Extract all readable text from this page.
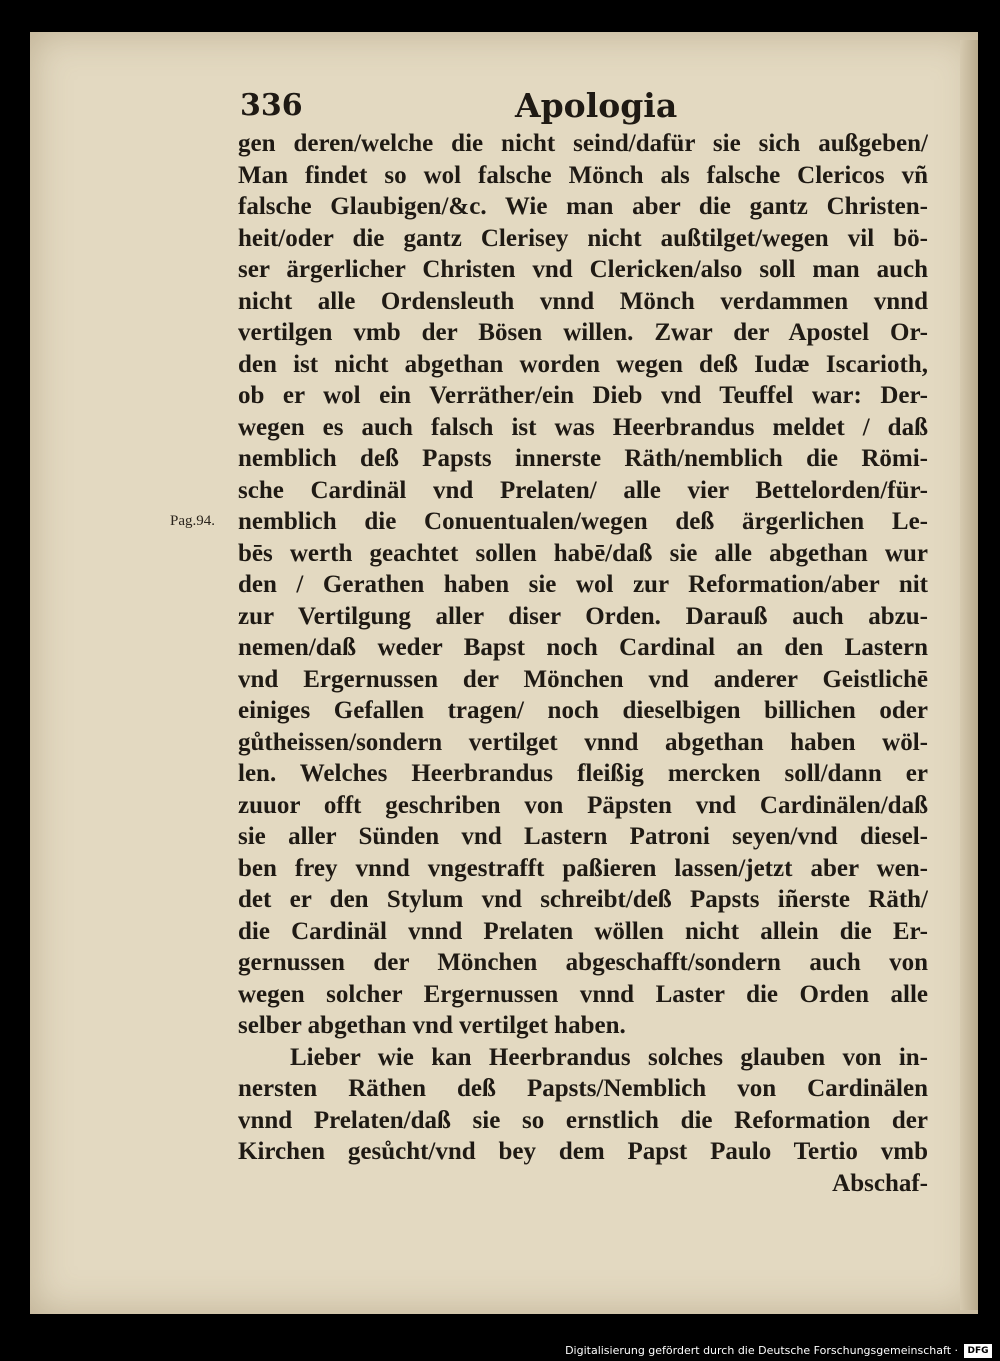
336	Apologia
Pag.94.
gen deren/welche die nicht seind/dafür sie sich außgeben/
Man findet so wol falsche Mönch als falsche Clericos vñ
falsche Glaubigen/&c. Wie man aber die gantz Christen-
heit/oder die gantz Clerisey nicht außtilget/wegen vil bö-
ser ärgerlicher Christen vnd Clericken/also soll man auch
nicht alle Ordensleuth vnnd Mönch verdammen vnnd
vertilgen vmb der Bösen willen. Zwar der Apostel Or-
den ist nicht abgethan worden wegen deß Iudæ Iscarioth,
ob er wol ein Verräther/ein Dieb vnd Teuffel war: Der-
wegen es auch falsch ist was Heerbrandus meldet / daß
nemblich deß Papsts innerste Räth/nemblich die Römi-
sche Cardinäl vnd Prelaten/ alle vier Bettelorden/für-
nemblich die Conuentualen/wegen deß ärgerlichen Le-
bēs werth geachtet sollen habē/daß sie alle abgethan wur
den / Gerathen haben sie wol zur Reformation/aber nit
zur Vertilgung aller diser Orden. Darauß auch abzu-
nemen/daß weder Bapst noch Cardinal an den Lastern
vnd Ergernussen der Mönchen vnd anderer Geistlichē
einiges Gefallen tragen/ noch dieselbigen billichen oder
gůtheissen/sondern vertilget vnnd abgethan haben wöl-
len. Welches Heerbrandus fleißig mercken soll/dann er
zuuor offt geschriben von Päpsten vnd Cardinälen/daß
sie aller Sünden vnd Lastern Patroni seyen/vnd diesel-
ben frey vnnd vngestrafft paßieren lassen/jetzt aber wen-
det er den Stylum vnd schreibt/deß Papsts iñerste Räth/
die Cardinäl vnnd Prelaten wöllen nicht allein die Er-
gernussen der Mönchen abgeschafft/sondern auch von
wegen solcher Ergernussen vnnd Laster die Orden alle
selber abgethan vnd vertilget haben.
Lieber wie kan Heerbrandus solches glauben von in-
nersten Räthen deß Papsts/Nemblich von Cardinälen
vnnd Prelaten/daß sie so ernstlich die Reformation der
Kirchen gesůcht/vnd bey dem Papst Paulo Tertio vmb
Abschaf-
Digitalisierung gefördert durch die Deutsche Forschungsgemeinschaft ·	DFG
